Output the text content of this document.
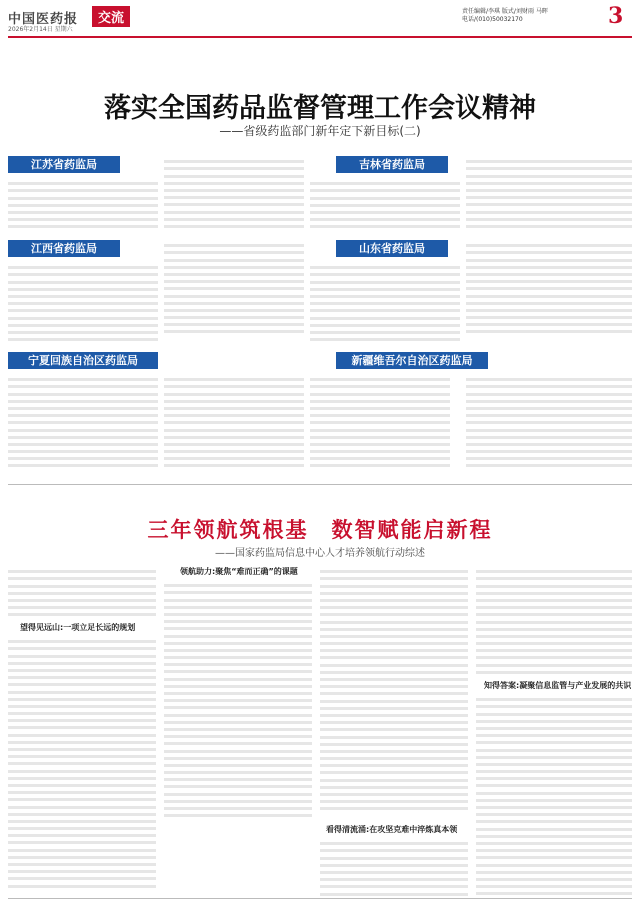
中国医药报	交流
2026年2月14日 星期六
责任编辑/李琪 版式/刘财雨 马晖
电话/(010)50032170	3
落实全国药品监督管理工作会议精神
——省级药监部门新年定下新目标(二)
江苏省药监局
江西省药监局
宁夏回族自治区药监局
吉林省药监局
山东省药监局
新疆维吾尔自治区药监局
三年领航筑根基　数智赋能启新程
——国家药监局信息中心人才培养领航行动综述
望得见远山:一项立足长远的规划
领航助力:聚焦“难而正确”的课题
看得清流涌:在攻坚克难中淬炼真本领
知得答案:凝聚信息监管与产业发展的共识
